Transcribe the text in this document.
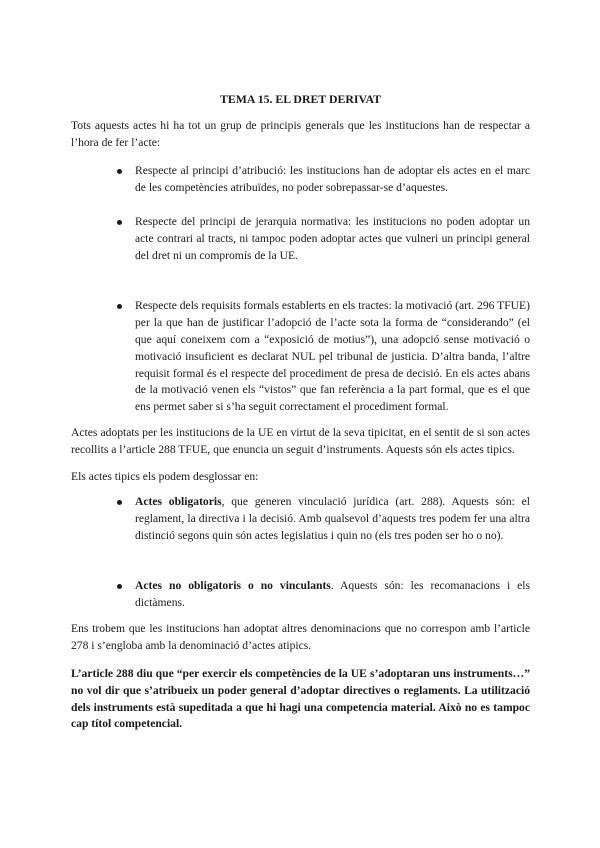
TEMA 15. EL DRET DERIVAT

Tots aquests actes hi ha tot un grup de principis generals que les institucions han de respectar a l’hora de fer l’acte:

Respecte al principi d’atribució: les institucions han de adoptar els actes en el marc de les competències atribuïdes, no poder sobrepassar-se d’aquestes.
Respecte del principi de jerarquia normativa: les institucions no poden adoptar un acte contrari al tracts, ni tampoc poden adoptar actes que vulneri un principi general del dret ni un compromís de la UE.
Respecte dels requisits formals establerts en els tractes: la motivació (art. 296 TFUE) per la que han de justificar l’adopció de l’acte sota la forma de “considerando” (el que aquí coneixem com a “exposició de motius”), una adopció sense motivació o motivació insuficient es declarat NUL pel tribunal de justicia. D’altra banda, l’altre requisit formal és el respecte del procediment de presa de decisió. En els actes abans de la motivació venen els “vistos” que fan referència a la part formal, que es el que ens permet saber si s’ha seguit correctament el procediment formal.

Actes adoptats per les institucions de la UE en virtut de la seva tipicitat, en el sentit de si son actes recollits a l’article 288 TFUE, que enuncia un seguit d’instruments. Aquests són els actes tipics.

Els actes tipics els podem desglossar en:

Actes obligatoris, que generen vinculació jurídica (art. 288). Aquests són: el reglament, la directiva i la decisió. Amb qualsevol d’aquests tres podem fer una altra distinció segons quin són actes legislatius i quin no (els tres poden ser ho o no).
Actes no obligatoris o no vinculants. Aquests són: les recomanacions i els dictàmens.

Ens trobem que les institucions han adoptat altres denominacions que no correspon amb l’article 278 i s’engloba amb la denominació d’actes atipics.

L’article 288 diu que “per exercir els competències de la UE s’adoptaran uns instruments…” no vol dir que s’atribueix un poder general d’adoptar directives o reglaments. La utilització dels instruments està supeditada a que hi hagi una competencia material. Això no es tampoc cap títol competencial.
